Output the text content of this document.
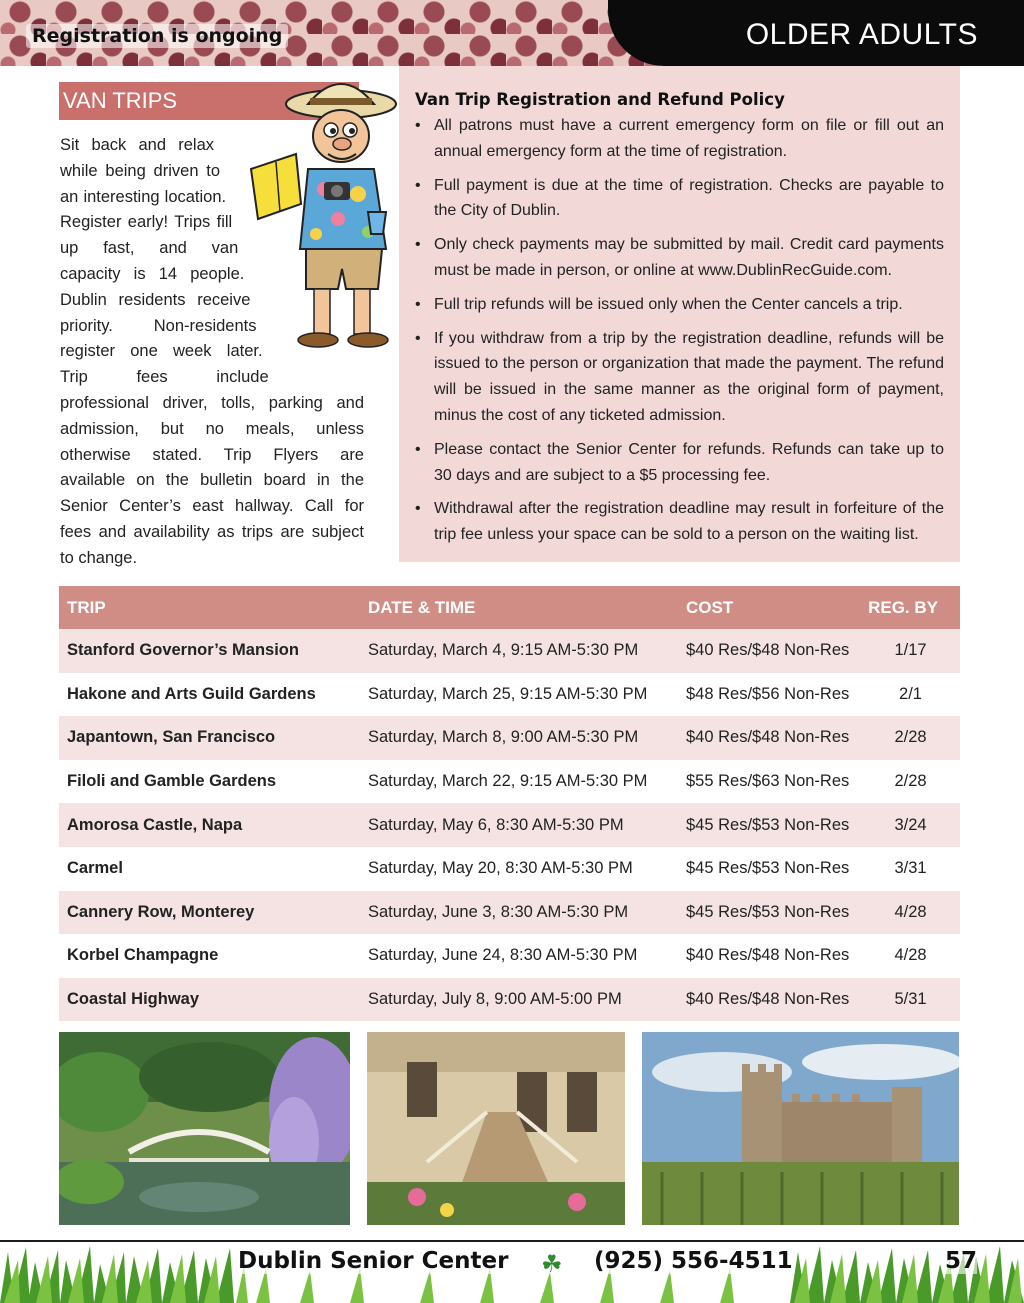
Registration is ongoing	OLDER ADULTS
VAN TRIPS
Sit back and relax while being driven to an interesting location. Register early! Trips fill up fast, and van capacity is 14 people. Dublin residents receive priority. Non-residents register one week later. Trip fees include professional driver, tolls, parking and admission, but no meals, unless otherwise stated. Trip Flyers are available on the bulletin board in the Senior Center’s east hallway. Call for fees and availability as trips are subject to change.
Van Trip Registration and Refund Policy
• All patrons must have a current emergency form on file or fill out an annual emergency form at the time of registration.
• Full payment is due at the time of registration. Checks are payable to the City of Dublin.
• Only check payments may be submitted by mail. Credit card payments must be made in person, or online at www.DublinRecGuide.com.
• Full trip refunds will be issued only when the Center cancels a trip.
• If you withdraw from a trip by the registration deadline, refunds will be issued to the person or organization that made the payment. The refund will be issued in the same manner as the original form of payment, minus the cost of any ticketed admission.
• Please contact the Senior Center for refunds. Refunds can take up to 30 days and are subject to a $5 processing fee.
• Withdrawal after the registration deadline may result in forfeiture of the trip fee unless your space can be sold to a person on the waiting list.
TRIP	DATE & TIME	COST	REG. BY
Stanford Governor’s Mansion	Saturday, March 4, 9:15 AM-5:30 PM	$40 Res/$48 Non-Res	1/17
Hakone and Arts Guild Gardens	Saturday, March 25, 9:15 AM-5:30 PM	$48 Res/$56 Non-Res	2/1
Japantown, San Francisco	Saturday, March 8, 9:00 AM-5:30 PM	$40 Res/$48 Non-Res	2/28
Filoli and Gamble Gardens	Saturday, March 22, 9:15 AM-5:30 PM	$55 Res/$63 Non-Res	2/28
Amorosa Castle, Napa	Saturday, May 6, 8:30 AM-5:30 PM	$45 Res/$53 Non-Res	3/24
Carmel	Saturday, May 20, 8:30 AM-5:30 PM	$45 Res/$53 Non-Res	3/31
Cannery Row, Monterey	Saturday, June 3, 8:30 AM-5:30 PM	$45 Res/$53 Non-Res	4/28
Korbel Champagne	Saturday, June 24, 8:30 AM-5:30 PM	$40 Res/$48 Non-Res	4/28
Coastal Highway	Saturday, July 8, 9:00 AM-5:00 PM	$40 Res/$48 Non-Res	5/31
Dublin Senior Center ☘ (925) 556-4511	57
